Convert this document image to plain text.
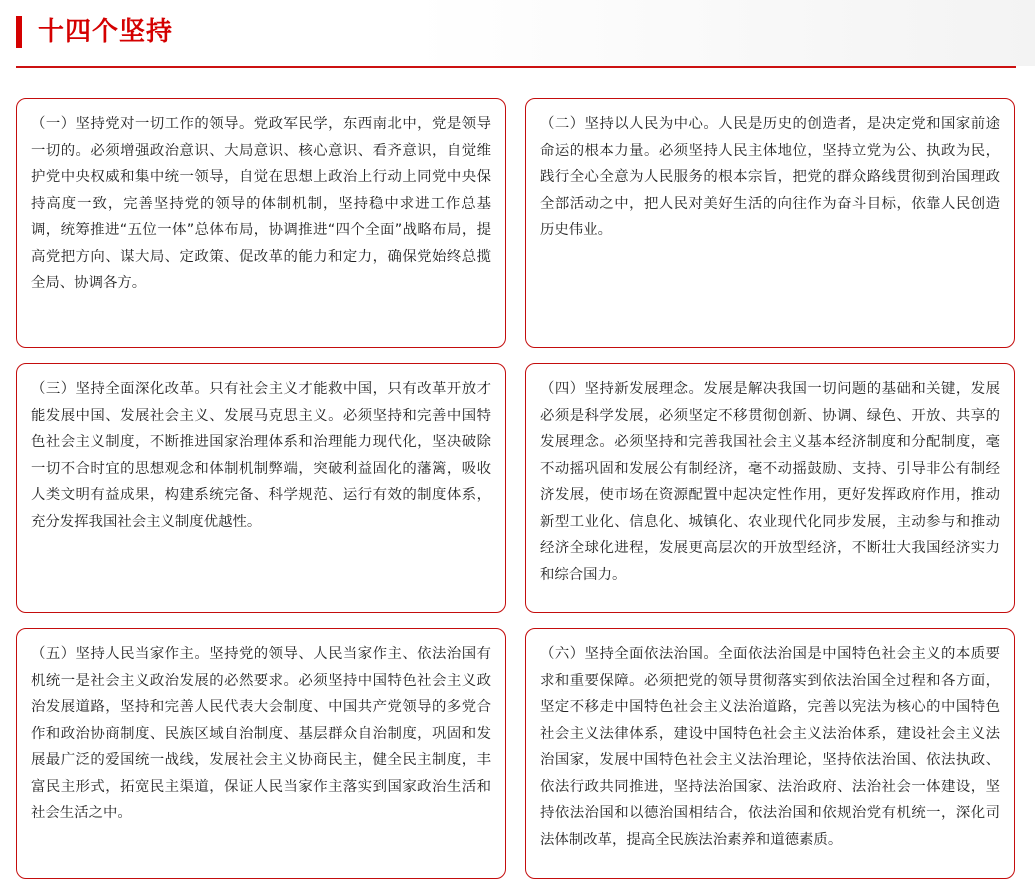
十四个坚持

（一）坚持党对一切工作的领导。党政军民学，东西南北中，党是领导一切的。必须增强政治意识、大局意识、核心意识、看齐意识，自觉维护党中央权威和集中统一领导，自觉在思想上政治上行动上同党中央保持高度一致，完善坚持党的领导的体制机制，坚持稳中求进工作总基调，统筹推进“五位一体”总体布局，协调推进“四个全面”战略布局，提高党把方向、谋大局、定政策、促改革的能力和定力，确保党始终总揽全局、协调各方。

（二）坚持以人民为中心。人民是历史的创造者，是决定党和国家前途命运的根本力量。必须坚持人民主体地位，坚持立党为公、执政为民，践行全心全意为人民服务的根本宗旨，把党的群众路线贯彻到治国理政全部活动之中，把人民对美好生活的向往作为奋斗目标，依靠人民创造历史伟业。

（三）坚持全面深化改革。只有社会主义才能救中国，只有改革开放才能发展中国、发展社会主义、发展马克思主义。必须坚持和完善中国特色社会主义制度，不断推进国家治理体系和治理能力现代化，坚决破除一切不合时宜的思想观念和体制机制弊端，突破利益固化的藩篱，吸收人类文明有益成果，构建系统完备、科学规范、运行有效的制度体系，充分发挥我国社会主义制度优越性。

（四）坚持新发展理念。发展是解决我国一切问题的基础和关键，发展必须是科学发展，必须坚定不移贯彻创新、协调、绿色、开放、共享的发展理念。必须坚持和完善我国社会主义基本经济制度和分配制度，毫不动摇巩固和发展公有制经济，毫不动摇鼓励、支持、引导非公有制经济发展，使市场在资源配置中起决定性作用，更好发挥政府作用，推动新型工业化、信息化、城镇化、农业现代化同步发展，主动参与和推动经济全球化进程，发展更高层次的开放型经济，不断壮大我国经济实力和综合国力。

（五）坚持人民当家作主。坚持党的领导、人民当家作主、依法治国有机统一是社会主义政治发展的必然要求。必须坚持中国特色社会主义政治发展道路，坚持和完善人民代表大会制度、中国共产党领导的多党合作和政治协商制度、民族区域自治制度、基层群众自治制度，巩固和发展最广泛的爱国统一战线，发展社会主义协商民主，健全民主制度，丰富民主形式，拓宽民主渠道，保证人民当家作主落实到国家政治生活和社会生活之中。

（六）坚持全面依法治国。全面依法治国是中国特色社会主义的本质要求和重要保障。必须把党的领导贯彻落实到依法治国全过程和各方面，坚定不移走中国特色社会主义法治道路，完善以宪法为核心的中国特色社会主义法律体系，建设中国特色社会主义法治体系，建设社会主义法治国家，发展中国特色社会主义法治理论，坚持依法治国、依法执政、依法行政共同推进，坚持法治国家、法治政府、法治社会一体建设，坚持依法治国和以德治国相结合，依法治国和依规治党有机统一，深化司法体制改革，提高全民族法治素养和道德素质。
